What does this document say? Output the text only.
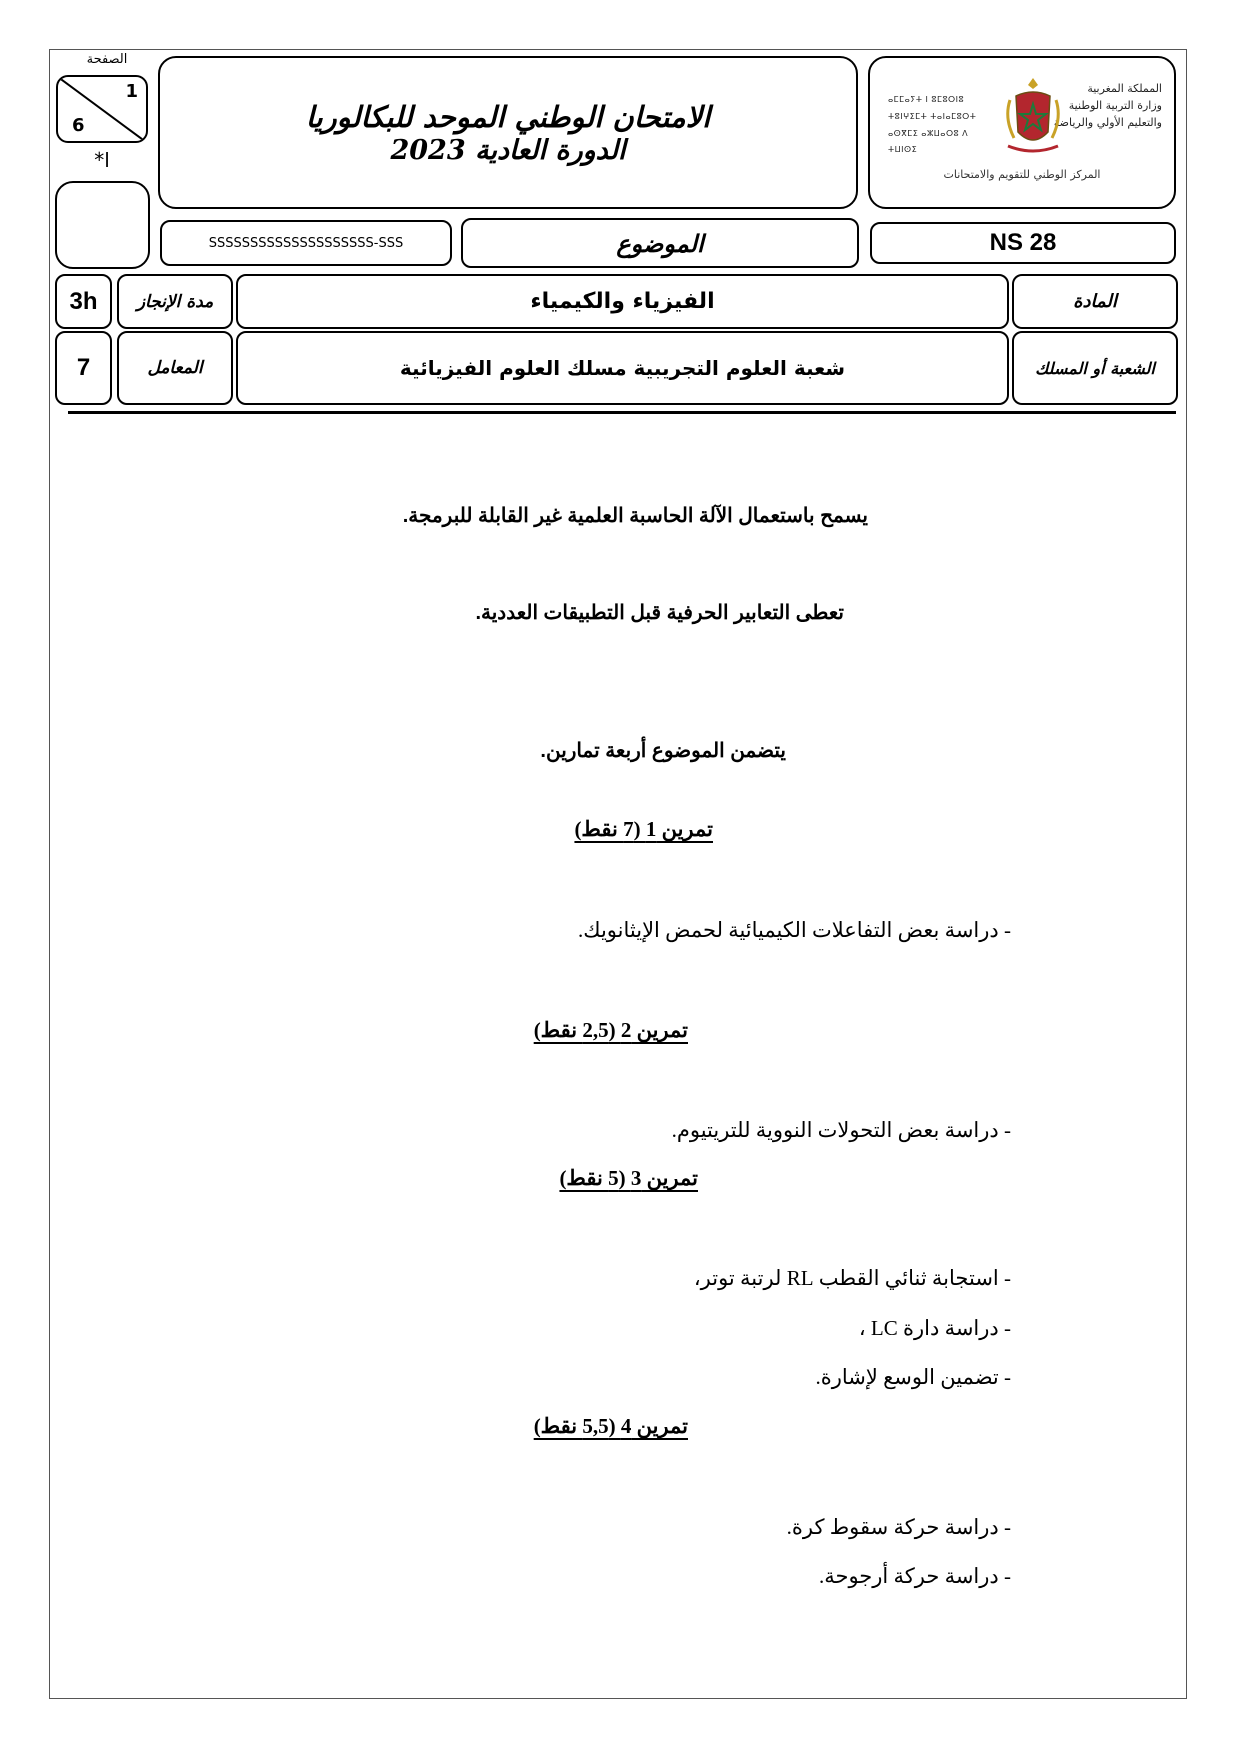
الصفحة
1
6
*ا
الامتحان الوطني الموحد للبكالوريا
الدورة العادية 2023
المملكة المغربية
وزارة التربية الوطنية
والتعليم الأولي والرياضة
ⴰⵎⵎⴰⵢⵜ ⵏ ⵓⵎⵓⵔⵏⵓ
ⵜⵓⵏⵖⵉⵎⵜ ⵜⴰⵏⴰⵎⵓⵔⵜ
ⴰⵙⴳⵎⵉ ⴰⵣⵡⴰⵔⵓ ⴷ ⵜⵡⵏⵙⵉ
المركز الوطني للتقويم والامتحانات
SSSSSSSSSSSSSSSSSSSS-SSS	الموضوع	NS 28
3h	مدة الإنجاز	الفيزياء والكيمياء	المادة
7	المعامل	شعبة العلوم التجريبية مسلك العلوم الفيزيائية	الشعبة أو المسلك
يسمح باستعمال الآلة الحاسبة العلمية غير القابلة للبرمجة.
تعطى التعابير الحرفية قبل التطبيقات العددية.
يتضمن الموضوع أربعة تمارين.
تمرين 1 (7 نقط)
- دراسة بعض التفاعلات الكيميائية لحمض الإيثانويك.
تمرين 2 (2,5 نقط)
- دراسة بعض التحولات النووية للتريتيوم.
تمرين 3 (5 نقط)
- استجابة ثنائي القطب RL لرتبة توتر،
- دراسة دارة LC ،
- تضمين الوسع لإشارة.
تمرين 4 (5,5 نقط)
- دراسة حركة سقوط كرة.
- دراسة حركة أرجوحة.
